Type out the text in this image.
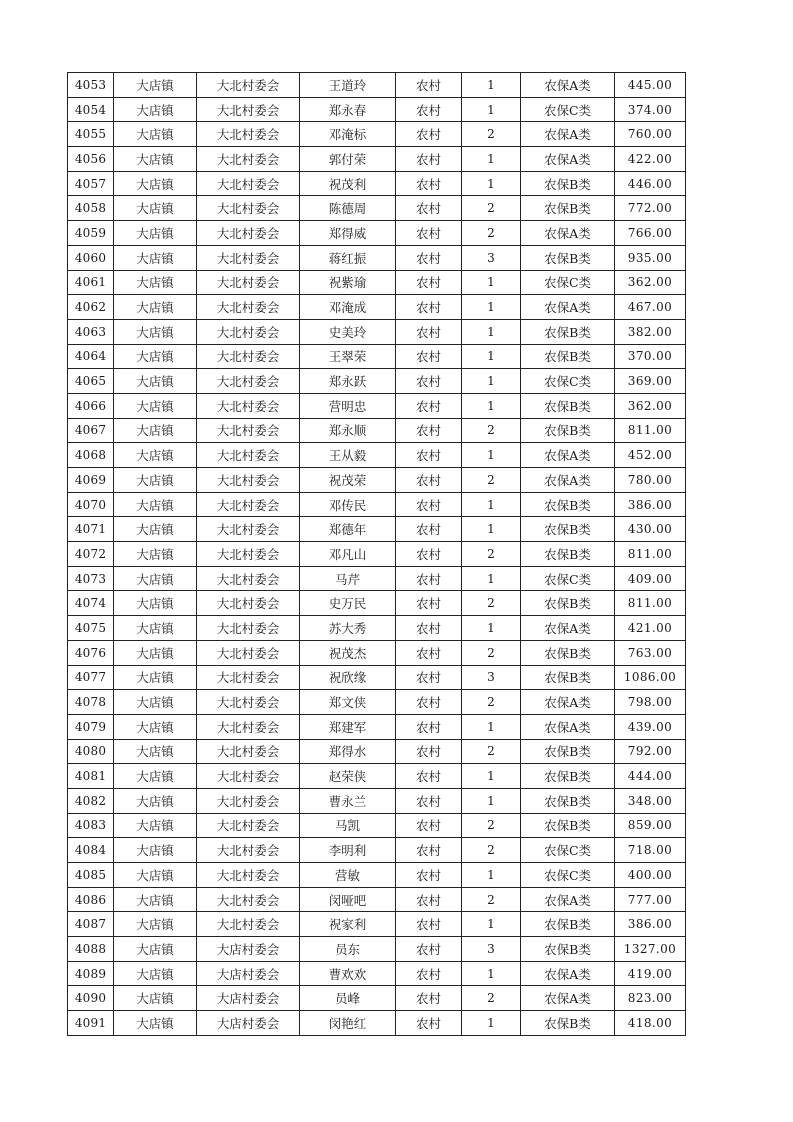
4053	大店镇	大北村委会	王道玲	农村	1	农保A类	445.00
4054	大店镇	大北村委会	郑永春	农村	1	农保C类	374.00
4055	大店镇	大北村委会	邓淹标	农村	2	农保A类	760.00
4056	大店镇	大北村委会	郭付荣	农村	1	农保A类	422.00
4057	大店镇	大北村委会	祝茂利	农村	1	农保B类	446.00
4058	大店镇	大北村委会	陈德周	农村	2	农保B类	772.00
4059	大店镇	大北村委会	郑得威	农村	2	农保A类	766.00
4060	大店镇	大北村委会	蒋红振	农村	3	农保B类	935.00
4061	大店镇	大北村委会	祝紫瑜	农村	1	农保C类	362.00
4062	大店镇	大北村委会	邓淹成	农村	1	农保A类	467.00
4063	大店镇	大北村委会	史美玲	农村	1	农保B类	382.00
4064	大店镇	大北村委会	王翠荣	农村	1	农保B类	370.00
4065	大店镇	大北村委会	郑永跃	农村	1	农保C类	369.00
4066	大店镇	大北村委会	营明忠	农村	1	农保B类	362.00
4067	大店镇	大北村委会	郑永顺	农村	2	农保B类	811.00
4068	大店镇	大北村委会	王从毅	农村	1	农保A类	452.00
4069	大店镇	大北村委会	祝茂荣	农村	2	农保A类	780.00
4070	大店镇	大北村委会	邓传民	农村	1	农保B类	386.00
4071	大店镇	大北村委会	郑德年	农村	1	农保B类	430.00
4072	大店镇	大北村委会	邓凡山	农村	2	农保B类	811.00
4073	大店镇	大北村委会	马芹	农村	1	农保C类	409.00
4074	大店镇	大北村委会	史万民	农村	2	农保B类	811.00
4075	大店镇	大北村委会	苏大秀	农村	1	农保A类	421.00
4076	大店镇	大北村委会	祝茂杰	农村	2	农保B类	763.00
4077	大店镇	大北村委会	祝欣缘	农村	3	农保B类	1086.00
4078	大店镇	大北村委会	郑文侠	农村	2	农保A类	798.00
4079	大店镇	大北村委会	郑建军	农村	1	农保A类	439.00
4080	大店镇	大北村委会	郑得水	农村	2	农保B类	792.00
4081	大店镇	大北村委会	赵荣侠	农村	1	农保B类	444.00
4082	大店镇	大北村委会	曹永兰	农村	1	农保B类	348.00
4083	大店镇	大北村委会	马凯	农村	2	农保B类	859.00
4084	大店镇	大北村委会	李明利	农村	2	农保C类	718.00
4085	大店镇	大北村委会	营敏	农村	1	农保C类	400.00
4086	大店镇	大北村委会	闵哑吧	农村	2	农保A类	777.00
4087	大店镇	大北村委会	祝家利	农村	1	农保B类	386.00
4088	大店镇	大店村委会	员东	农村	3	农保B类	1327.00
4089	大店镇	大店村委会	曹欢欢	农村	1	农保A类	419.00
4090	大店镇	大店村委会	员峰	农村	2	农保A类	823.00
4091	大店镇	大店村委会	闵艳红	农村	1	农保B类	418.00
